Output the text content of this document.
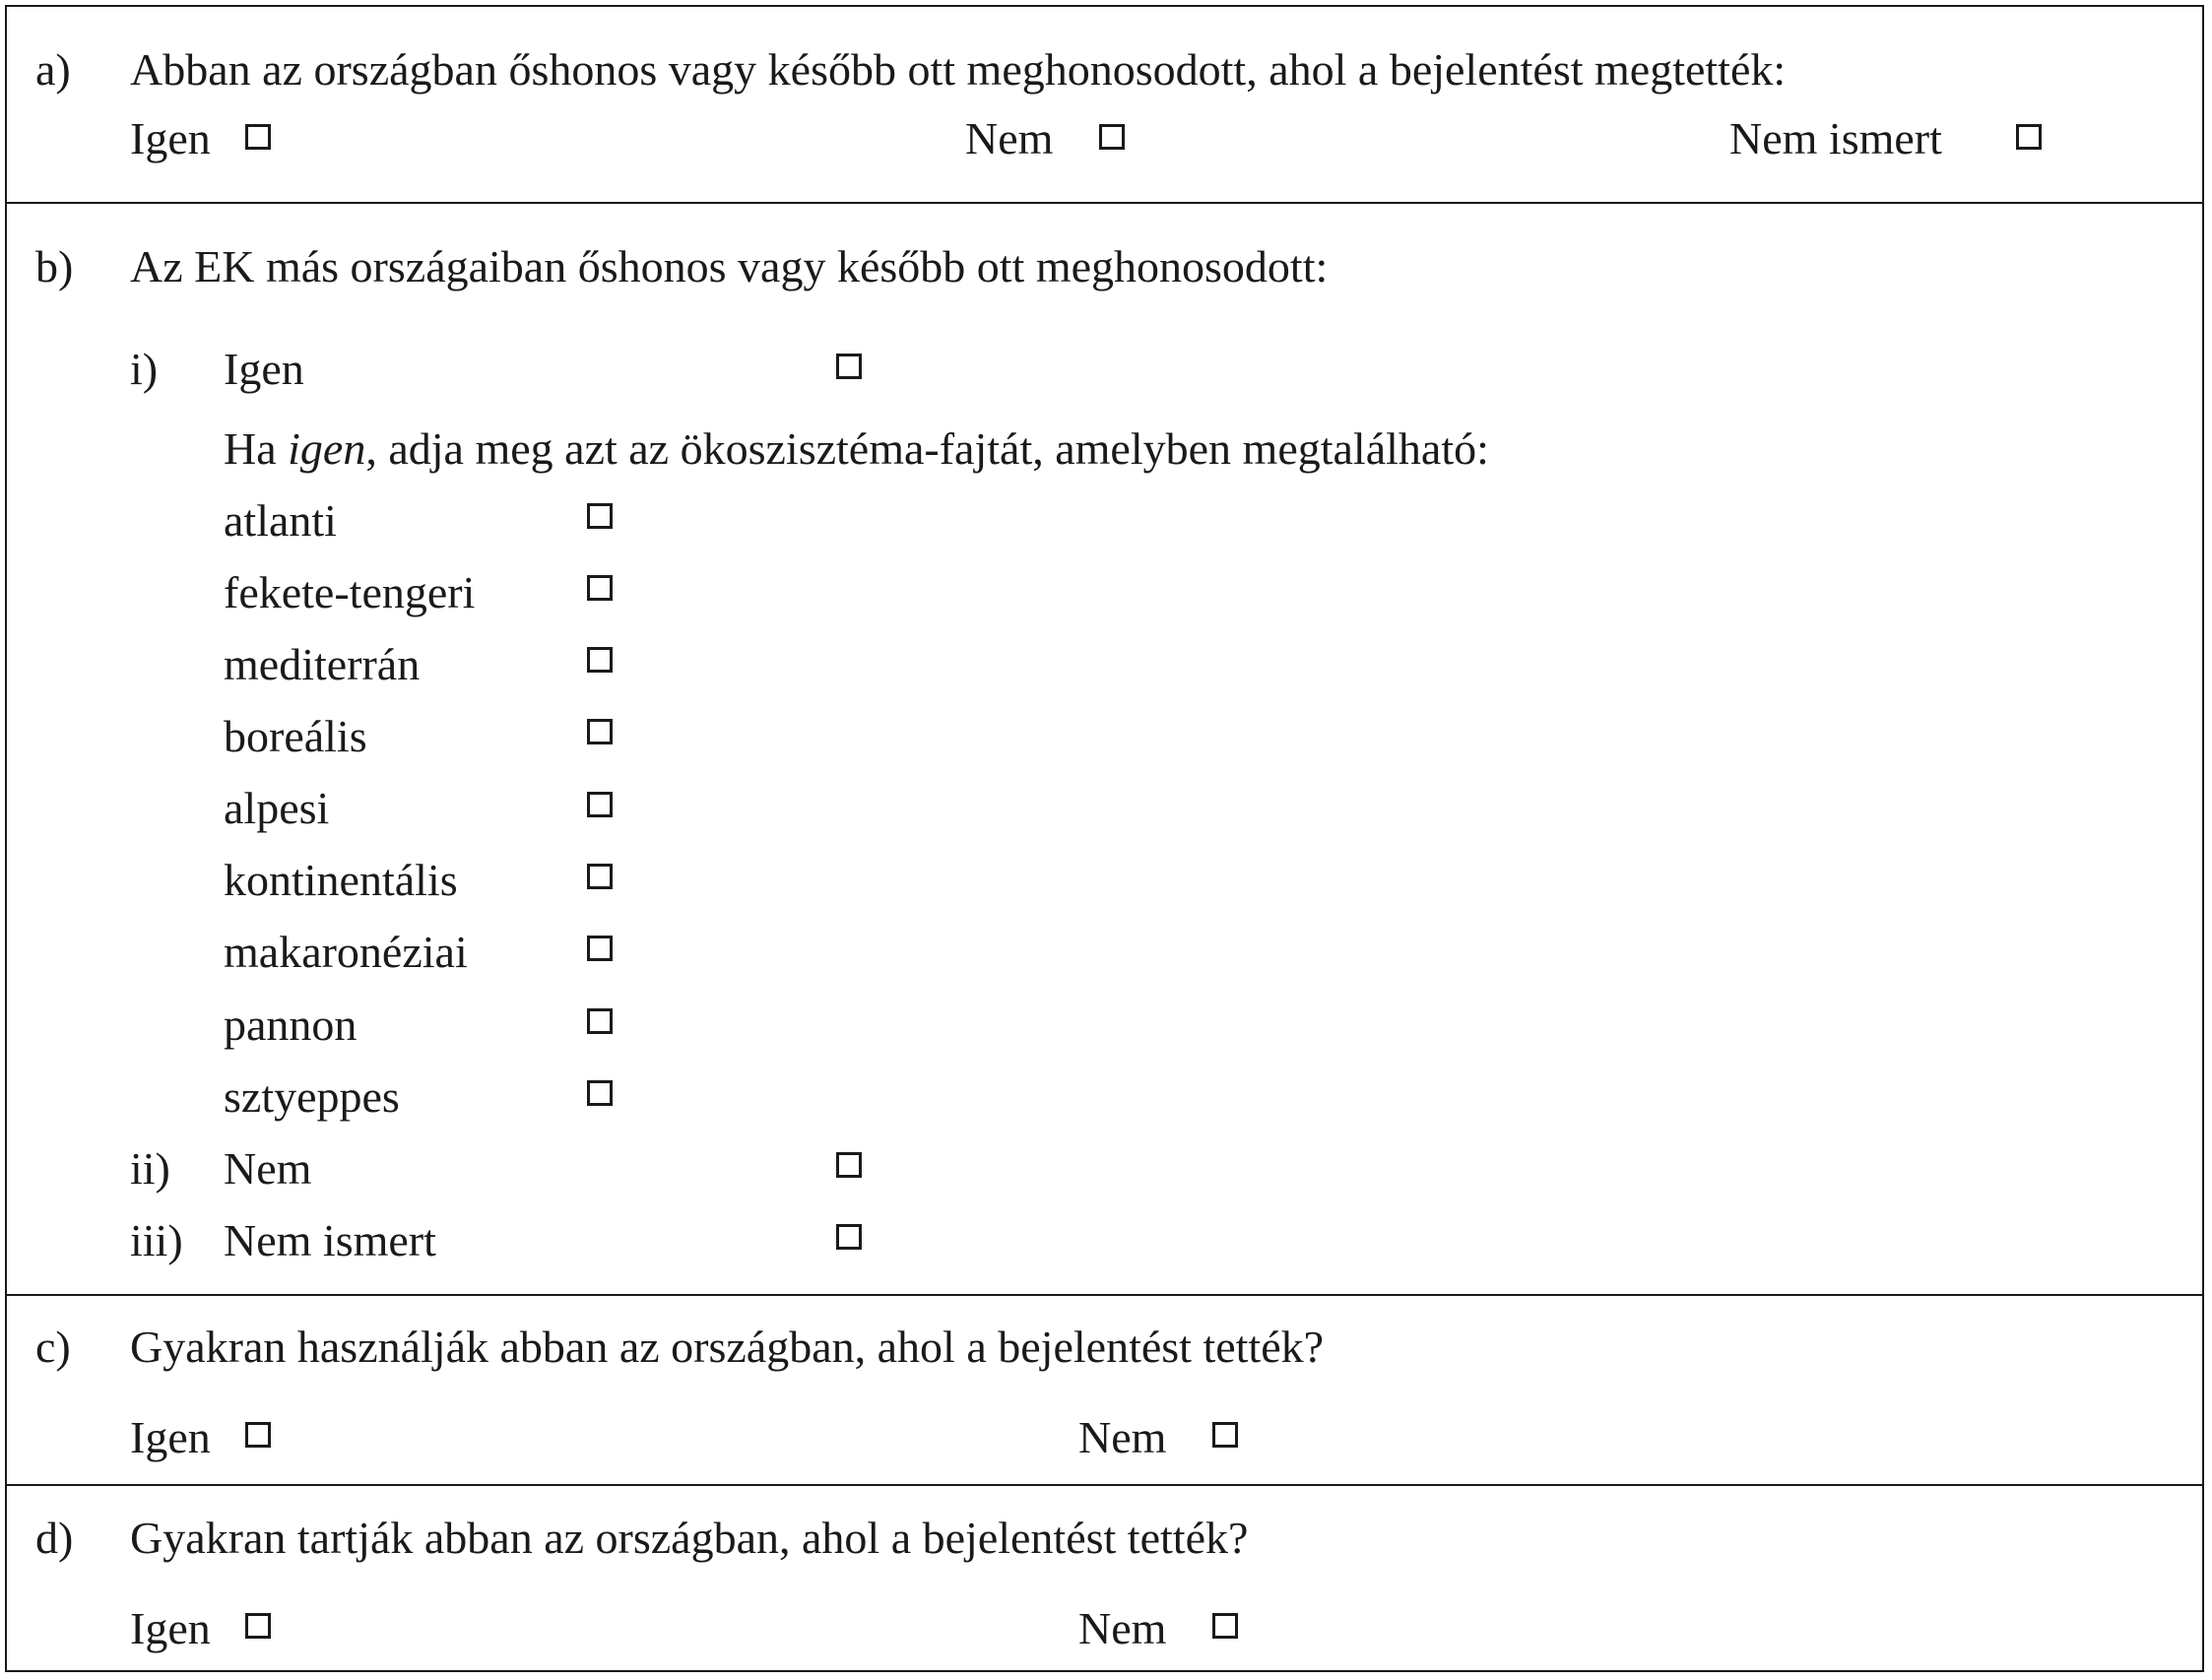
a) Abban az országban őshonos vagy később ott meghonosodott, ahol a bejelentést megtették:
Igen	Nem	Nem ismert
b) Az EK más országaiban őshonos vagy később ott meghonosodott:
i) Igen
Ha igen, adja meg azt az ökoszisztéma-fajtát, amelyben megtalálható:
atlanti
fekete-tengeri
mediterrán
boreális
alpesi
kontinentális
makaronéziai
pannon
sztyeppes
ii) Nem
iii) Nem ismert
c) Gyakran használják abban az országban, ahol a bejelentést tették?
Igen	Nem
d) Gyakran tartják abban az országban, ahol a bejelentést tették?
Igen	Nem
